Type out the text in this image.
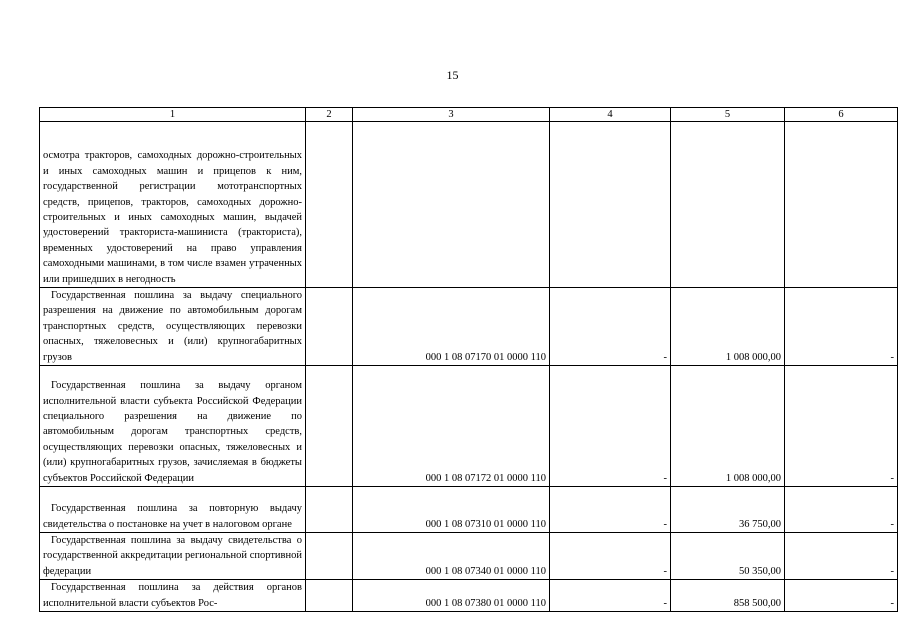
15
1	2	3	4	5	6

осмотра тракторов, самоходных дорожно-строительных и иных самоходных машин и прицепов к ним, государственной регистрации мототранспортных средств, прицепов, тракторов, самоходных дорожно-строительных и иных самоходных машин, выдачей удостоверений тракториста-машиниста (тракториста), временных удостоверений на право управления самоходными машинами, в том числе взамен утраченных или пришедших в негодность					

Государственная пошлина за выдачу специального разрешения на движение по автомобильным дорогам транспортных средств, осуществляющих перевозки опасных, тяжеловесных и (или) крупногабаритных грузов		000 1 08 07170 01 0000 110	-	1 008 000,00	-

Государственная пошлина за выдачу органом исполнительной власти субъекта Российской Федерации специального разрешения на движение по автомобильным дорогам транспортных средств, осуществляющих перевозки опасных, тяжеловесных и (или) крупногабаритных грузов, зачисляемая в бюджеты субъектов Российской Федерации		000 1 08 07172 01 0000 110	-	1 008 000,00	-

Государственная пошлина за повторную выдачу свидетельства о постановке на учет в налоговом органе		000 1 08 07310 01 0000 110	-	36 750,00	-

Государственная пошлина за выдачу свидетельства о государственной аккредитации региональной спортивной федерации		000 1 08 07340 01 0000 110	-	50 350,00	-

Государственная пошлина за действия органов исполнительной власти субъектов Рос-		000 1 08 07380 01 0000 110	-	858 500,00	-
